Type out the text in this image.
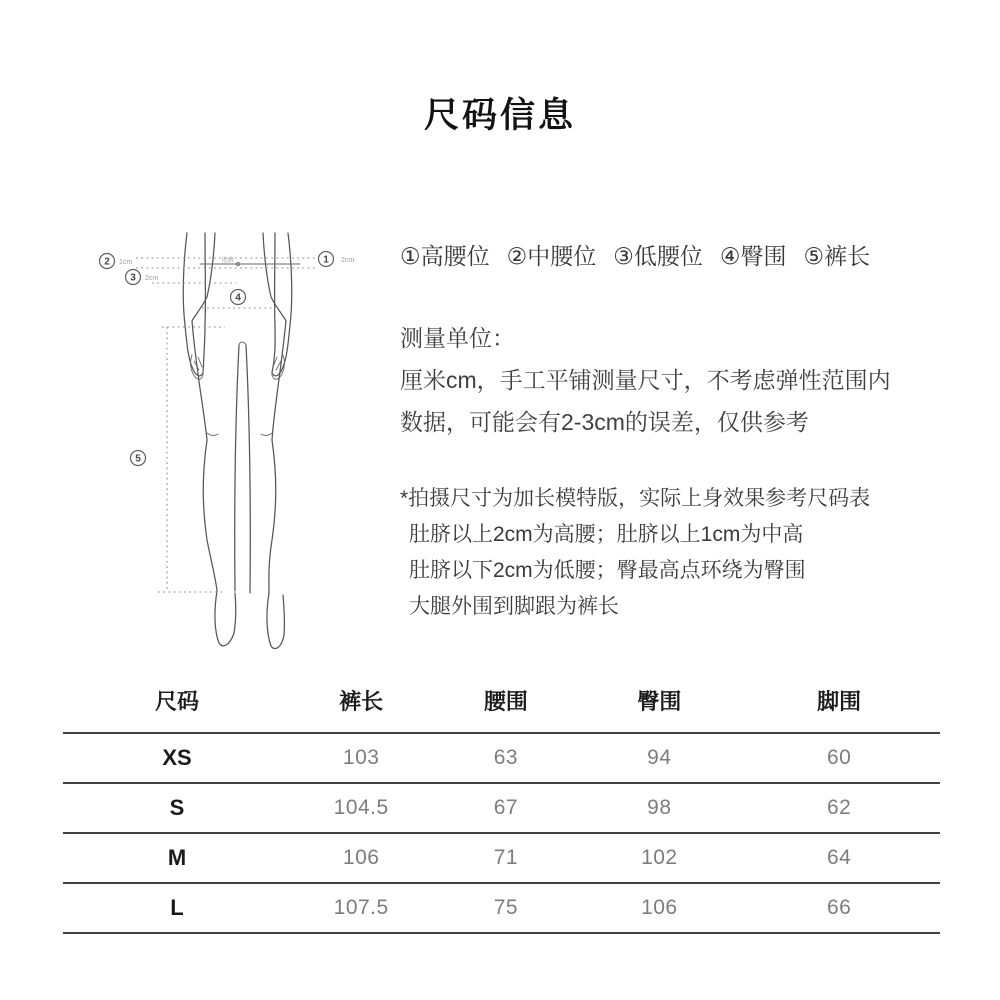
尺码信息
肚脐	1 2cm
2 1cm
3 2cm
4
5
①高腰位 ②中腰位 ③低腰位 ④臀围 ⑤裤长
测量单位：
厘米cm，手工平铺测量尺寸，不考虑弹性范围内
数据，可能会有2-3cm的误差，仅供参考
*拍摄尺寸为加长模特版，实际上身效果参考尺码表
肚脐以上2cm为高腰；肚脐以上1cm为中高
肚脐以下2cm为低腰；臀最高点环绕为臀围
大腿外围到脚跟为裤长
尺码	裤长	腰围	臀围	脚围
XS	103	63	94	60
S	104.5	67	98	62
M	106	71	102	64
L	107.5	75	106	66
